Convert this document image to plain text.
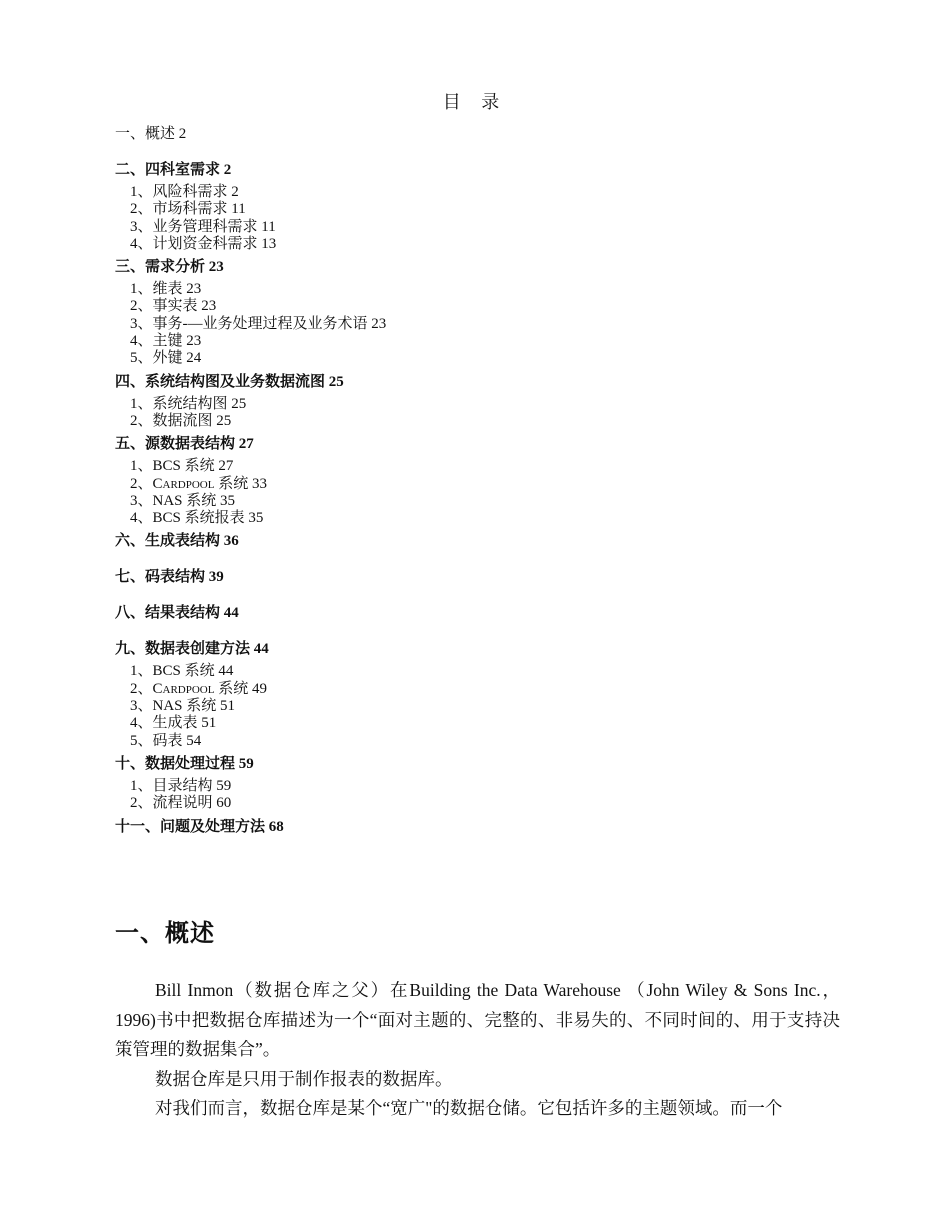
目 录
一、概述 2
二、四科室需求 2
1、风险科需求 2
2、市场科需求 11
3、业务管理科需求 11
4、计划资金科需求 13
三、需求分析 23
1、维表 23
2、事实表 23
3、事务-—业务处理过程及业务术语 23
4、主键 23
5、外键 24
四、系统结构图及业务数据流图 25
1、系统结构图 25
2、数据流图 25
五、源数据表结构 27
1、BCS 系统 27
2、Cardpool 系统 33
3、NAS 系统 35
4、BCS 系统报表 35
六、生成表结构 36
七、码表结构 39
八、结果表结构 44
九、数据表创建方法 44
1、BCS 系统 44
2、Cardpool 系统 49
3、NAS 系统 51
4、生成表 51
5、码表 54
十、数据处理过程 59
1、目录结构 59
2、流程说明 60
十一、问题及处理方法 68
一、概述

Bill Inmon（数据仓库之父）在Building the Data Warehouse （John Wiley & Sons Inc.， 1996)书中把数据仓库描述为一个“面对主题的、完整的、非易失的、不同时间的、用于支持决策管理的数据集合”。

数据仓库是只用于制作报表的数据库。

对我们而言，数据仓库是某个“宽广"的数据仓储。它包括许多的主题领域。而一个
